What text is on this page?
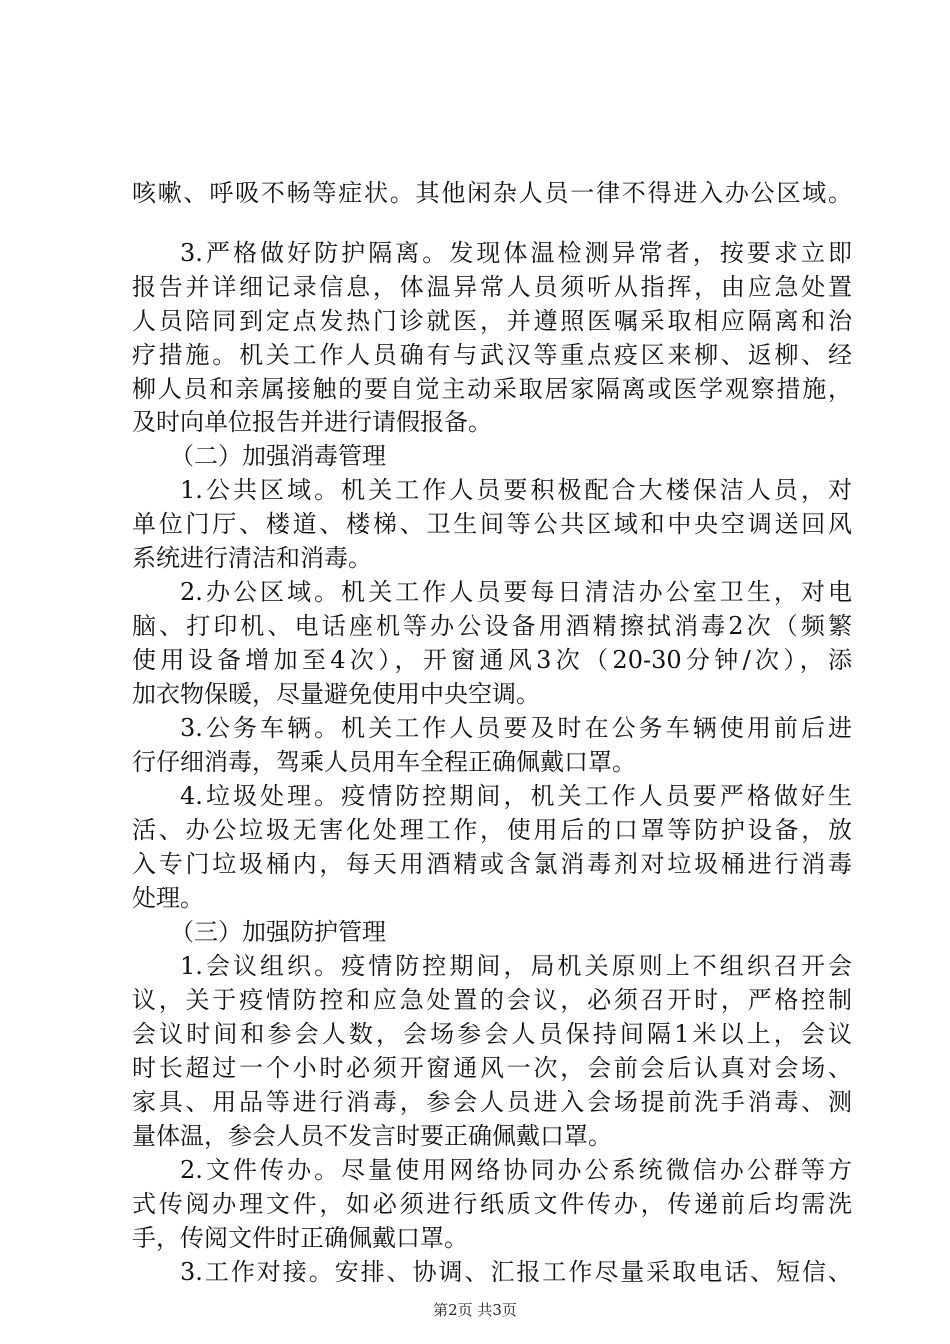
咳嗽、呼吸不畅等症状。其他闲杂人员一律不得进入办公区域。
3.严格做好防护隔离。发现体温检测异常者，按要求立即
报告并详细记录信息，体温异常人员须听从指挥，由应急处置
人员陪同到定点发热门诊就医，并遵照医嘱采取相应隔离和治
疗措施。机关工作人员确有与武汉等重点疫区来柳、返柳、经
柳人员和亲属接触的要自觉主动采取居家隔离或医学观察措施，
及时向单位报告并进行请假报备。
（二）加强消毒管理
1.公共区域。机关工作人员要积极配合大楼保洁人员，对
单位门厅、楼道、楼梯、卫生间等公共区域和中央空调送回风
系统进行清洁和消毒。
2.办公区域。机关工作人员要每日清洁办公室卫生，对电
脑、打印机、电话座机等办公设备用酒精擦拭消毒2次（频繁
使用设备增加至4次），开窗通风3次（20-30分钟/次），添
加衣物保暖，尽量避免使用中央空调。
3.公务车辆。机关工作人员要及时在公务车辆使用前后进
行仔细消毒，驾乘人员用车全程正确佩戴口罩。
4.垃圾处理。疫情防控期间，机关工作人员要严格做好生
活、办公垃圾无害化处理工作，使用后的口罩等防护设备，放
入专门垃圾桶内，每天用酒精或含氯消毒剂对垃圾桶进行消毒
处理。
（三）加强防护管理
1.会议组织。疫情防控期间，局机关原则上不组织召开会
议，关于疫情防控和应急处置的会议，必须召开时，严格控制
会议时间和参会人数，会场参会人员保持间隔1米以上，会议
时长超过一个小时必须开窗通风一次，会前会后认真对会场、
家具、用品等进行消毒，参会人员进入会场提前洗手消毒、测
量体温，参会人员不发言时要正确佩戴口罩。
2.文件传办。尽量使用网络协同办公系统微信办公群等方
式传阅办理文件，如必须进行纸质文件传办，传递前后均需洗
手，传阅文件时正确佩戴口罩。
3.工作对接。安排、协调、汇报工作尽量采取电话、短信、
第2页 共3页
